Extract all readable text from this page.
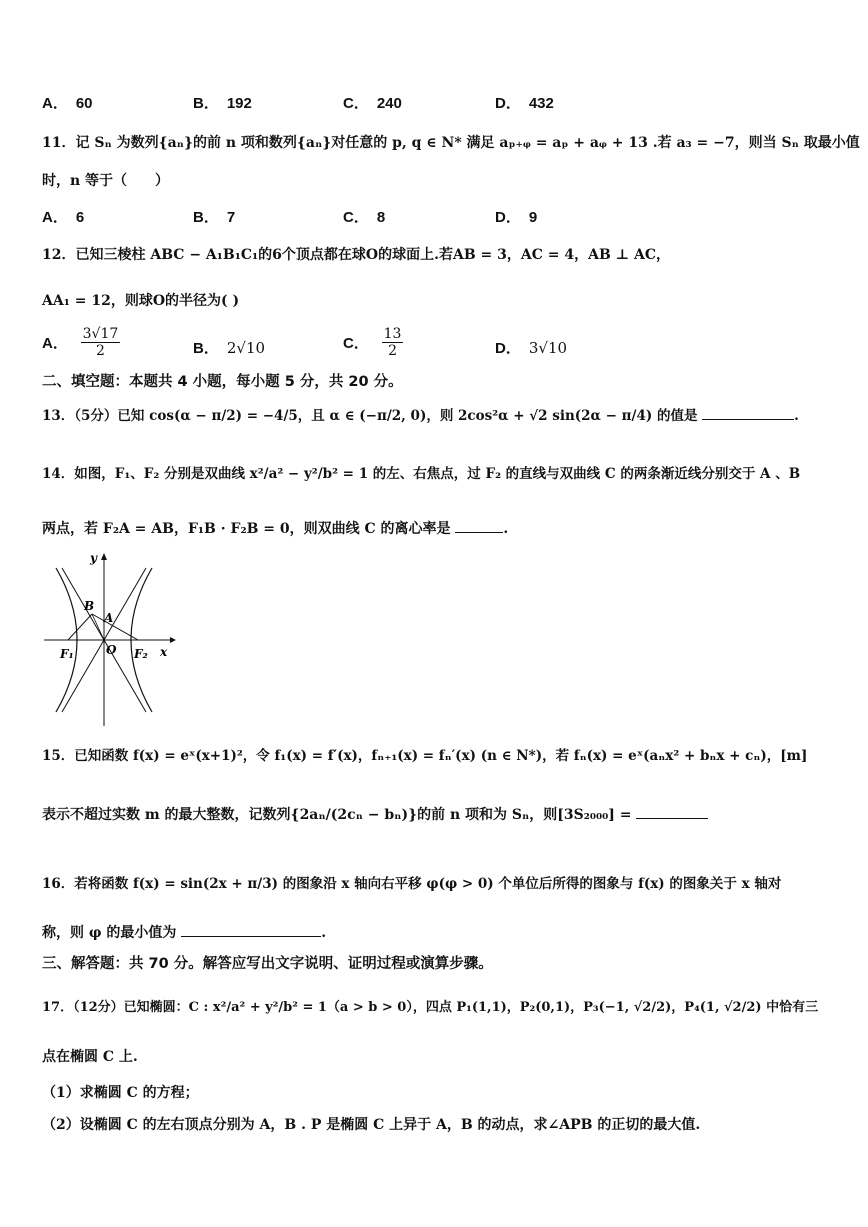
A． 60	B． 192	C． 240	D． 432
11．记 Sₙ 为数列{aₙ}的前 n 项和数列{aₙ}对任意的 p, q ∈ N* 满足 aₚ₊ᵩ = aₚ + aᵩ + 13 .若 a₃ = −7，则当 Sₙ 取最小值
时，n 等于（　　）
A． 6	B． 7	C． 8	D． 9
12．已知三棱柱 ABC − A₁B₁C₁的6个顶点都在球O的球面上.若AB = 3，AC = 4，AB ⊥ AC，
AA₁ = 12，则球O的半径为( )
A． $\frac{3√17}{2}$	B． 2√10	C． $\frac{13}{2}$	D． 3√10
二、填空题：本题共 4 小题，每小题 5 分，共 20 分。
13．（5分）已知 cos(α − π/2) = −4/5，且 α ∈ (−π/2, 0)，则 2cos²α + √2 sin(2α − π/4) 的值是	.
14．如图，F₁、F₂ 分别是双曲线 x²/a² − y²/b² = 1 的左、右焦点，过 F₂ 的直线与双曲线 C 的两条渐近线分别交于 A 、B
两点，若 F₂A = AB，F₁B · F₂B = 0，则双曲线 C 的离心率是	.
y
x
B
A
O
F₁	F₂
15．已知函数 f(x) = eˣ(x+1)²，令 f₁(x) = f′(x)，fₙ₊₁(x) = fₙ′(x) (n ∈ N*)，若 fₙ(x) = eˣ(aₙx² + bₙx + cₙ)，[m]
表示不超过实数 m 的最大整数，记数列{2aₙ/(2cₙ − bₙ)}的前 n 项和为 Sₙ，则[3S₂₀₀₀] =
16．若将函数 f(x) = sin(2x + π/3) 的图象沿 x 轴向右平移 φ(φ > 0) 个单位后所得的图象与 f(x) 的图象关于 x 轴对
称，则 φ 的最小值为	.
三、解答题：共 70 分。解答应写出文字说明、证明过程或演算步骤。
17．（12分）已知椭圆：C : x²/a² + y²/b² = 1（a > b > 0），四点 P₁(1,1)，P₂(0,1)，P₃(−1, √2/2)，P₄(1, √2/2) 中恰有三
点在椭圆 C 上.
（1）求椭圆 C 的方程；
（2）设椭圆 C 的左右顶点分别为 A，B . P 是椭圆 C 上异于 A，B 的动点，求∠APB 的正切的最大值.
